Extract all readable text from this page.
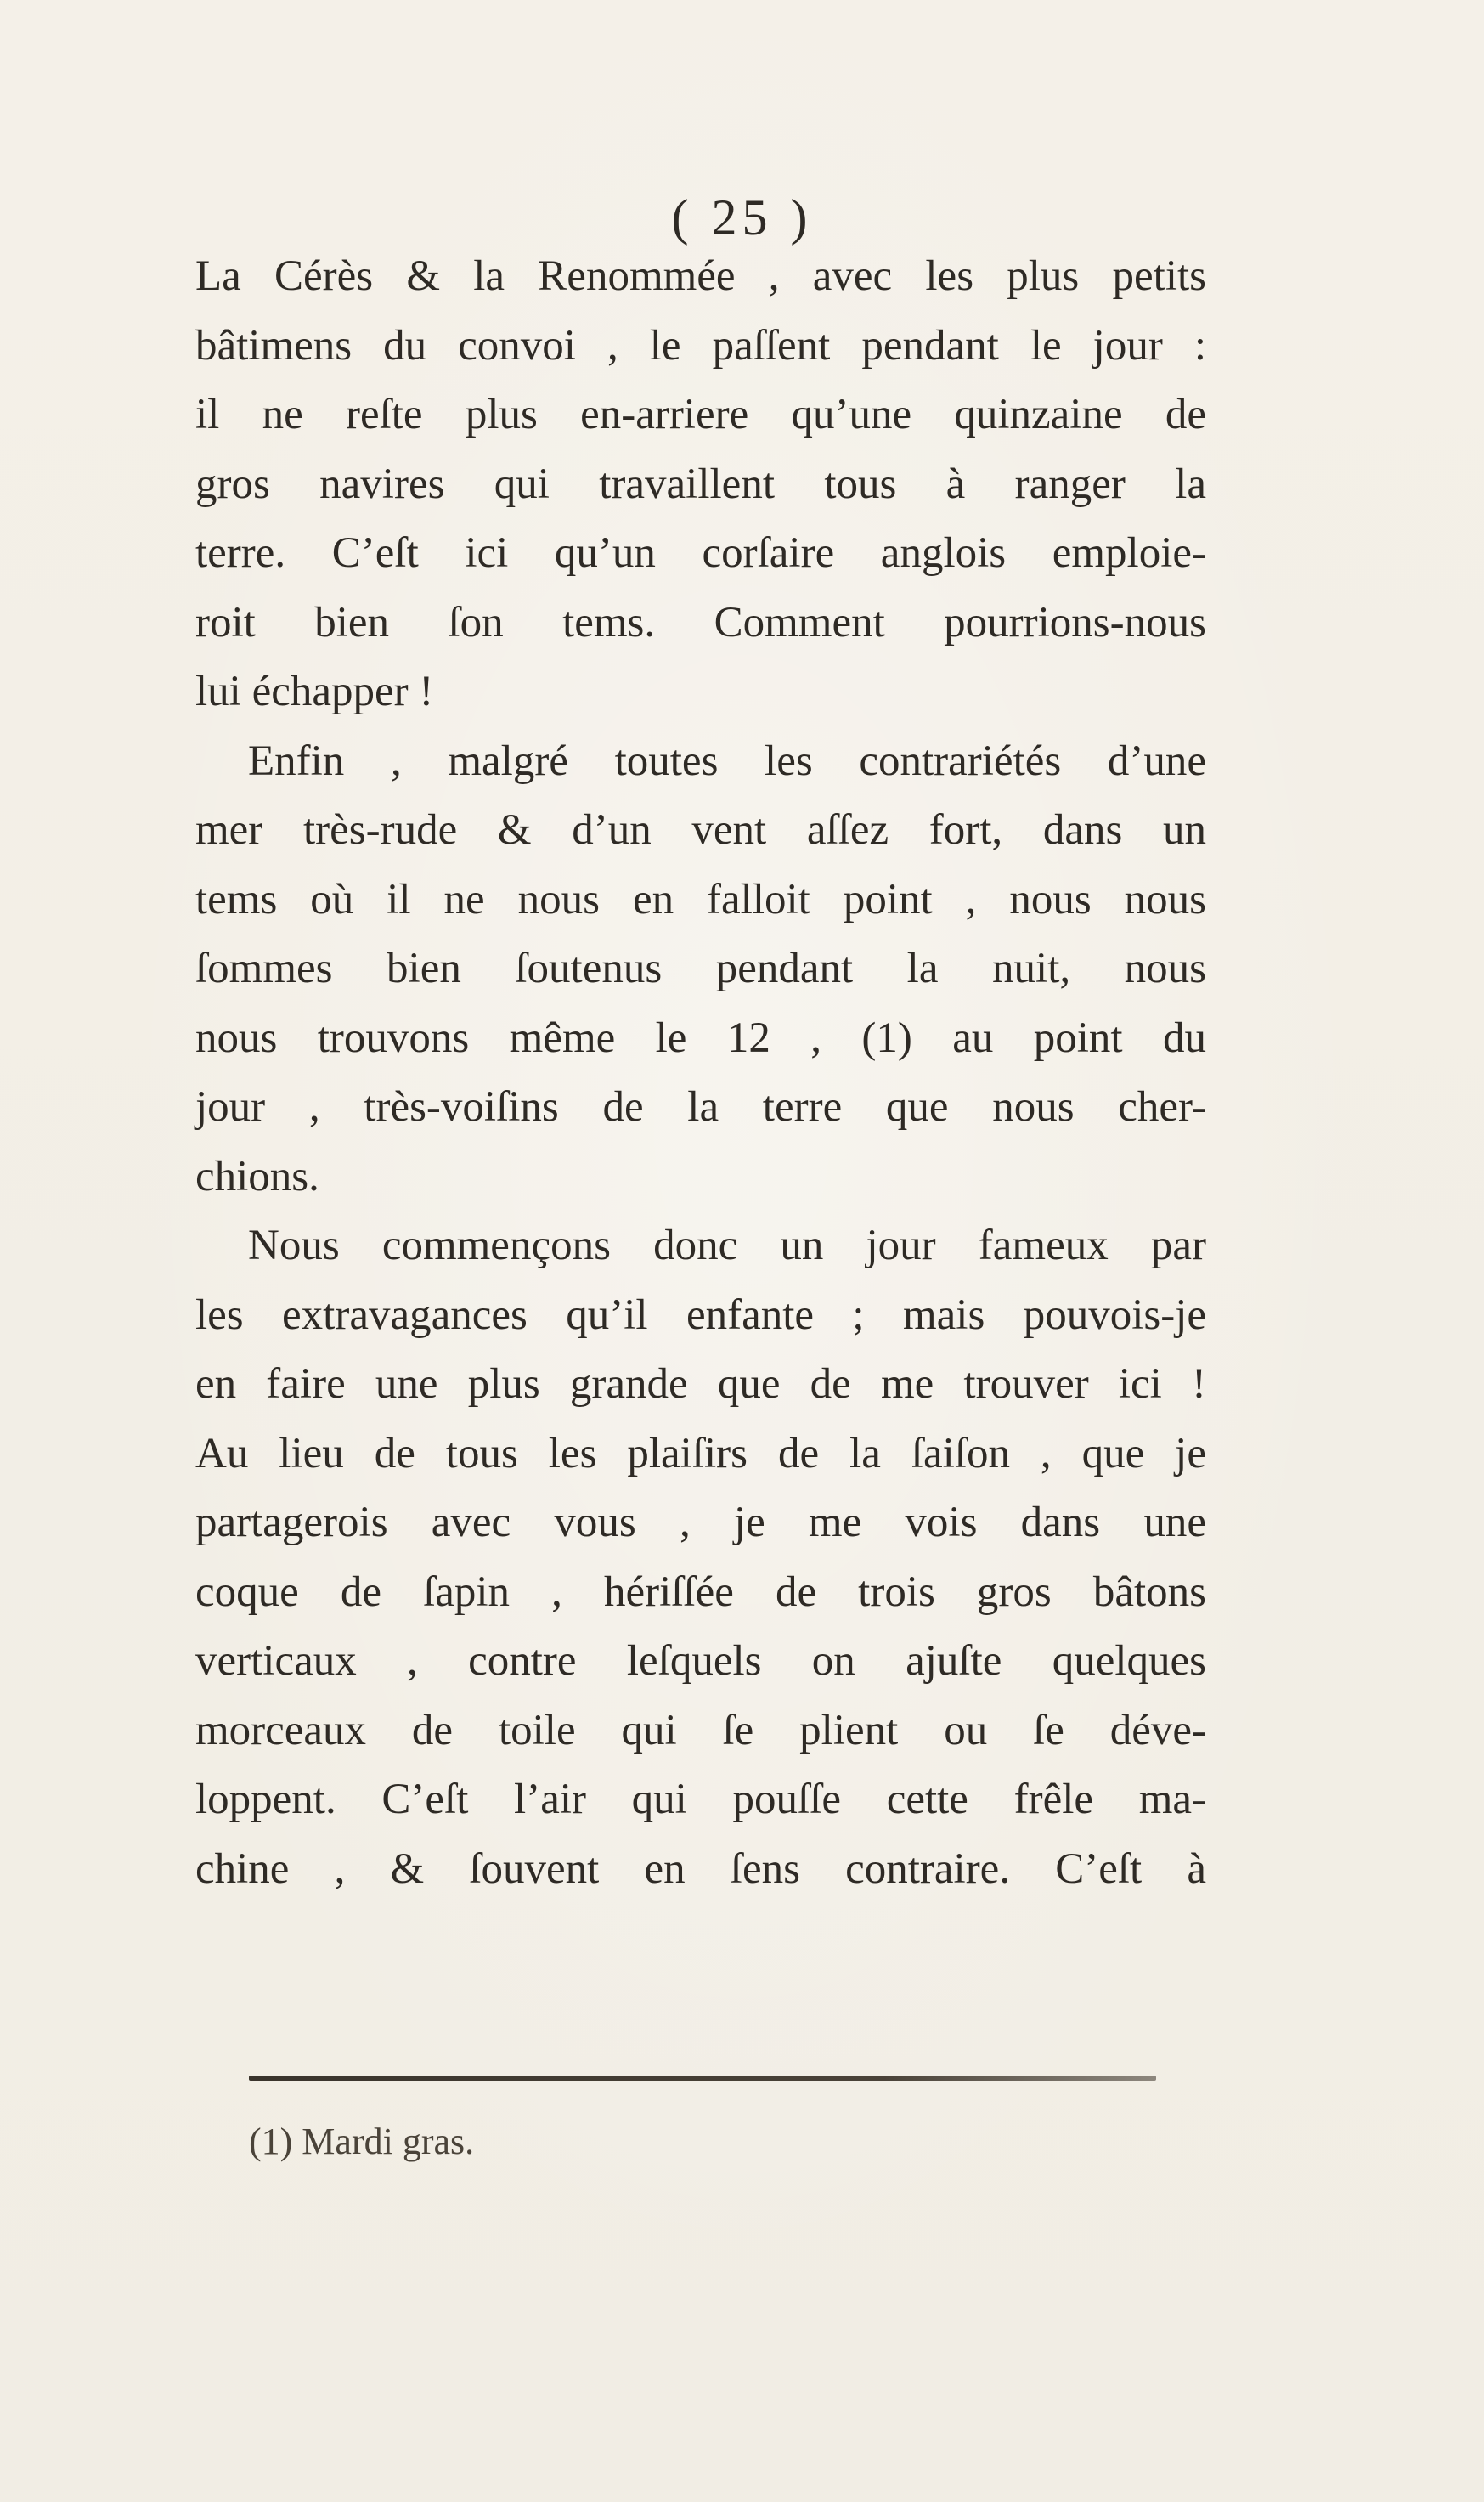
( 25 )

La Cérès & la Renommée , avec les plus petits
bâtimens du convoi , le paſſent pendant le jour :
il ne reſte plus en-arriere qu’une quinzaine de
gros navires qui travaillent tous à ranger la
terre. C’eſt ici qu’un corſaire anglois emploie-
roit bien ſon tems. Comment pourrions-nous
lui échapper !

Enfin , malgré toutes les contrariétés d’une
mer très-rude & d’un vent aſſez fort, dans un
tems où il ne nous en falloit point , nous nous
ſommes bien ſoutenus pendant la nuit, nous
nous trouvons même le 12 , (1) au point du
jour , très-voiſins de la terre que nous cher-
chions.

Nous commençons donc un jour fameux par
les extravagances qu’il enfante ; mais pouvois-je
en faire une plus grande que de me trouver ici !
Au lieu de tous les plaiſirs de la ſaiſon , que je
partagerois avec vous , je me vois dans une
coque de ſapin , hériſſée de trois gros bâtons
verticaux , contre leſquels on ajuſte quelques
morceaux de toile qui ſe plient ou ſe déve-
loppent. C’eſt l’air qui pouſſe cette frêle ma-
chine , & ſouvent en ſens contraire. C’eſt à

(1) Mardi gras.
